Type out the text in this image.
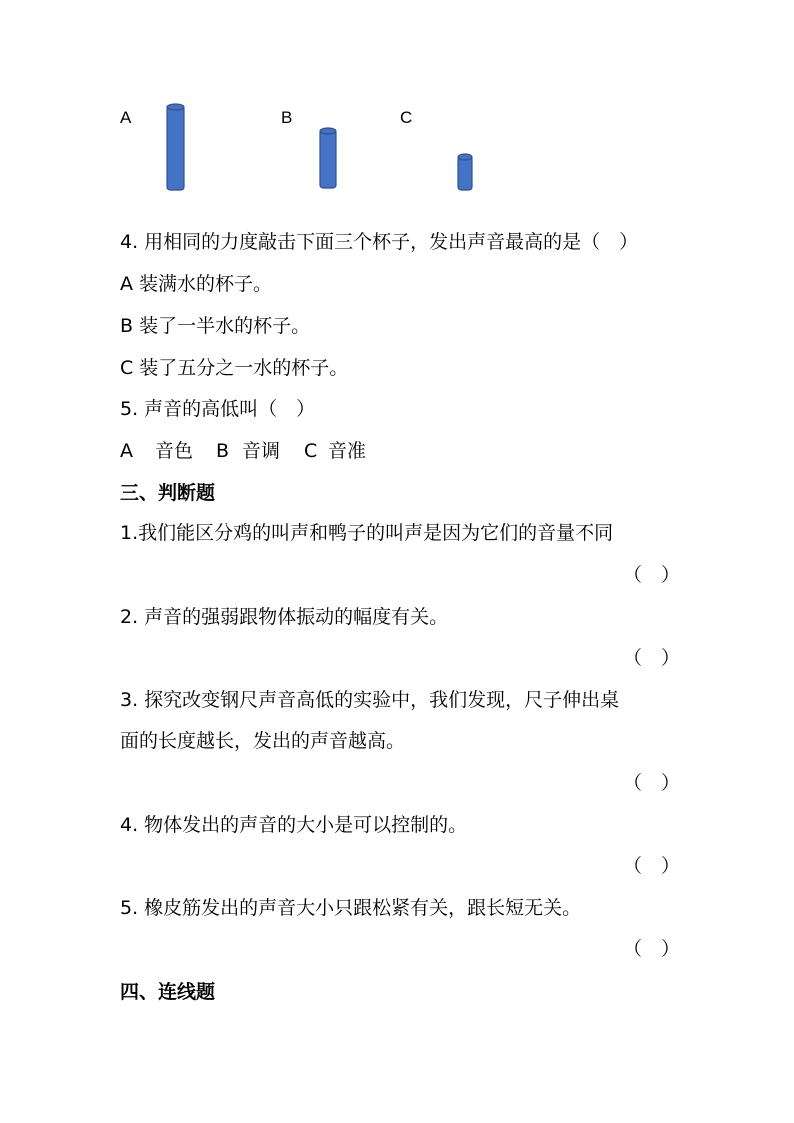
A	B	C
4. 用相同的力度敲击下面三个杯子，发出声音最高的是（　）
A 装满水的杯子。
B 装了一半水的杯子。
C 装了五分之一水的杯子。
5. 声音的高低叫（　）
A 音色 B 音调 C 音准
三、判断题
1.我们能区分鸡的叫声和鸭子的叫声是因为它们的音量不同
（　）
2. 声音的强弱跟物体振动的幅度有关。
（　）
3. 探究改变钢尺声音高低的实验中，我们发现，尺子伸出桌
面的长度越长，发出的声音越高。
（　）
4. 物体发出的声音的大小是可以控制的。
（　）
5. 橡皮筋发出的声音大小只跟松紧有关，跟长短无关。
（　）
四、连线题
